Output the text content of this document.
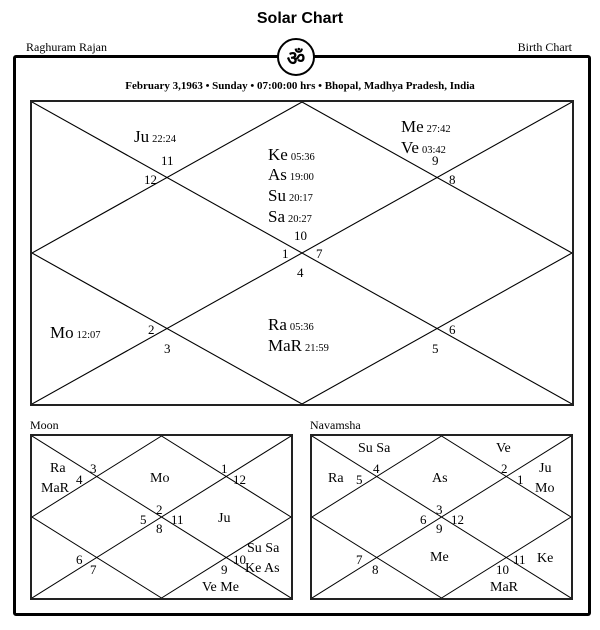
Solar Chart
Raghuram Rajan	Birth Chart
ॐ
February 3,1963 • Sunday • 07:00:00 hrs • Bhopal, Madhya Pradesh, India
Ju 22:24
Ke 05:36
As 19:00
Su 20:17
Sa 20:27
Me 27:42
Ve 03:42
Mo 12:07
Ra 05:36
MaR 21:59
1
2
3
4
5
6
7
8
9
10
11
12
Moon
Ra
MaR
Mo
Ju
Su Sa
Ke As
Ve Me
1
2
3
4
5
6
7
8
9
10
11
12
Navamsha
Su Sa	Ve
Ra	As
Ju
Mo
Me	Ke
MaR
1
2
3
4
5
6
7
8
9
10
11
12
